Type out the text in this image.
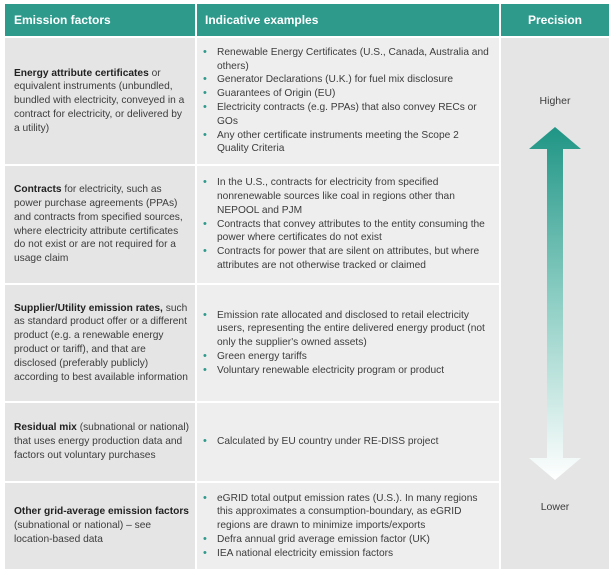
Emission factors	Indicative examples	Precision
Energy attribute certificates or equivalent instruments (unbundled, bundled with electricity, conveyed in a contract for electricity, or delivered by a utility)
• Renewable Energy Certificates (U.S., Canada, Australia and others)
• Generator Declarations (U.K.) for fuel mix disclosure
• Guarantees of Origin (EU)
• Electricity contracts (e.g. PPAs) that also convey RECs or GOs
• Any other certificate instruments meeting the Scope 2 Quality Criteria
Contracts for electricity, such as power purchase agreements (PPAs) and contracts from specified sources, where electricity attribute certificates do not exist or are not required for a usage claim
• In the U.S., contracts for electricity from specified nonrenewable sources like coal in regions other than NEPOOL and PJM
• Contracts that convey attributes to the entity consuming the power where certificates do not exist
• Contracts for power that are silent on attributes, but where attributes are not otherwise tracked or claimed
Supplier/Utility emission rates, such as standard product offer or a different product (e.g. a renewable energy product or tariff), and that are disclosed (preferably publicly) according to best available information
• Emission rate allocated and disclosed to retail electricity users, representing the entire delivered energy product (not only the supplier's owned assets)
• Green energy tariffs
• Voluntary renewable electricity program or product
Residual mix (subnational or national) that uses energy production data and factors out voluntary purchases
• Calculated by EU country under RE-DISS project
Other grid-average emission factors (subnational or national) – see location-based data
• eGRID total output emission rates (U.S.). In many regions this approximates a consumption-boundary, as eGRID regions are drawn to minimize imports/exports
• Defra annual grid average emission factor (UK)
• IEA national electricity emission factors
Higher
Lower
